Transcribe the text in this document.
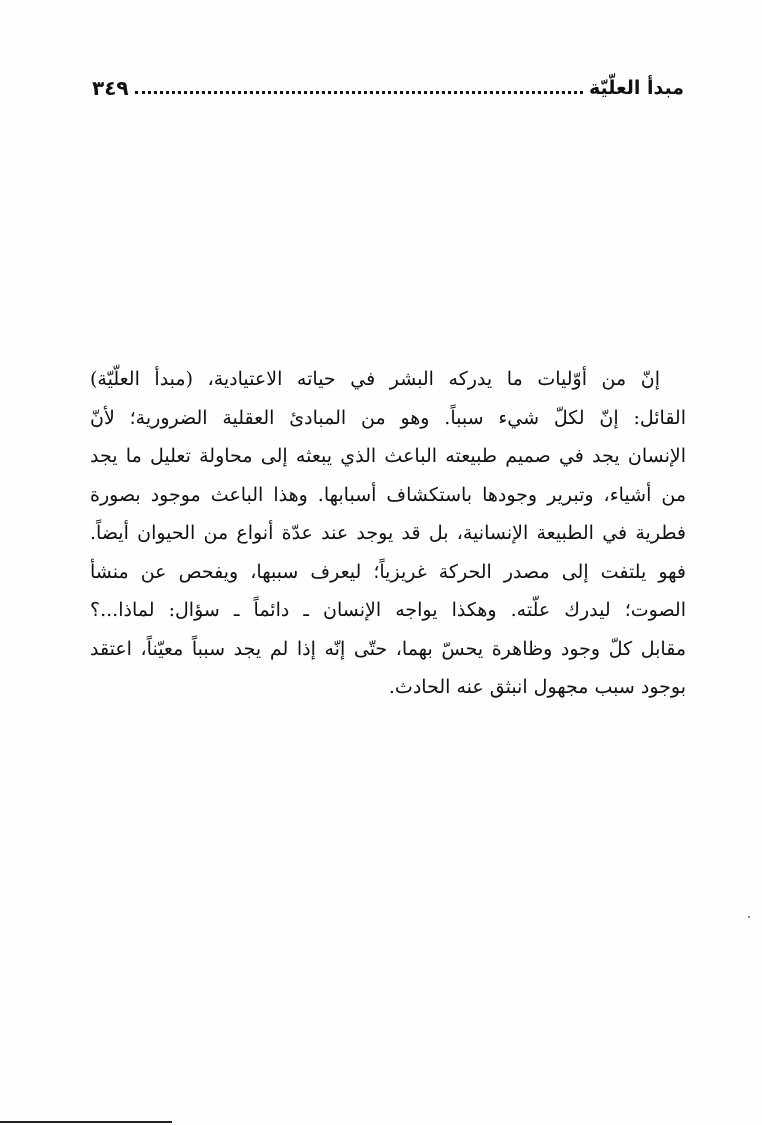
مبدأ العلّيّة
٣٤٩
إنّ من أوّليات ما يدركه البشر في حياته الاعتيادية، (مبدأ العلّيّة)
القائل: إنّ لكلّ شيء سبباً. وهو من المبادئ العقلية الضرورية؛ لأنّ
الإنسان يجد في صميم طبيعته الباعث الذي يبعثه إلى محاولة تعليل ما يجد
من أشياء، وتبرير وجودها باستكشاف أسبابها. وهذا الباعث موجود بصورة
فطرية في الطبيعة الإنسانية، بل قد يوجد عند عدّة أنواع من الحيوان أيضاً.
فهو يلتفت إلى مصدر الحركة غريزياً؛ ليعرف سببها، ويفحص عن منشأ
الصوت؛ ليدرك علّته. وهكذا يواجه الإنسان ـ دائماً ـ سؤال: لماذا...؟
مقابل كلّ وجود وظاهرة يحسّ بهما، حتّى إنّه إذا لم يجد سبباً معيّناً، اعتقد
بوجود سبب مجهول انبثق عنه الحادث.
